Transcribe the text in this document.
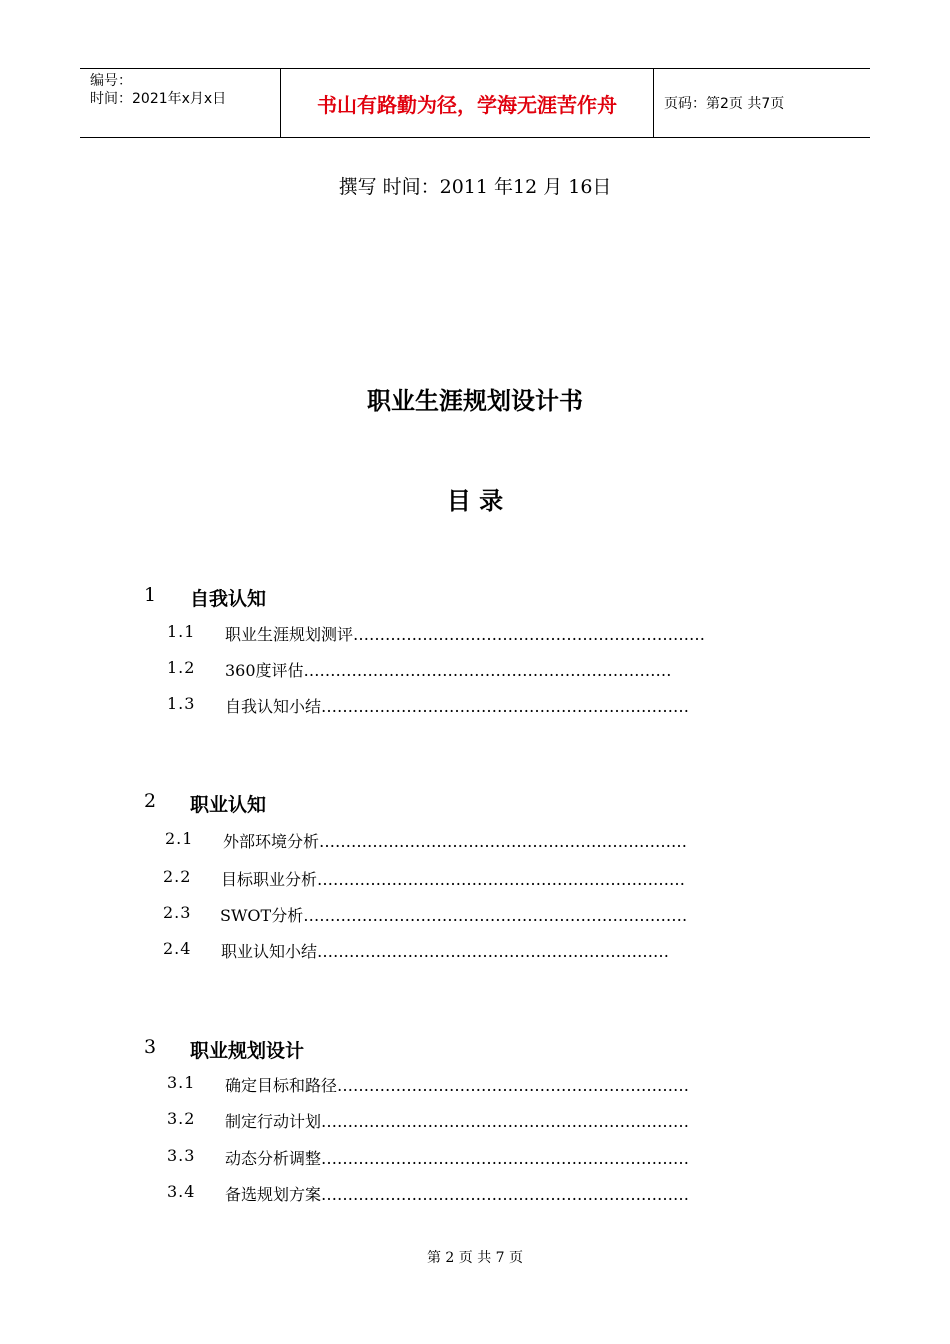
编号：
时间：2021年x月x日	书山有路勤为径，学海无涯苦作舟	页码：第2页 共7页
撰写 时间：2011 年12 月 16日
职业生涯规划设计书
目 录
1 自我认知
1.1 职业生涯规划测评…………………………………………………………
1.2 360度评估……………………………………………………………
1.3 自我认知小结……………………………………………………………
2 职业认知
2.1 外部环境分析……………………………………………………………
2.2 目标职业分析……………………………………………………………
2.3 SWOT分析………………………………………………………………
2.4 职业认知小结…………………………………………………………
3 职业规划设计
3.1 确定目标和路径…………………………………………………………
3.2 制定行动计划……………………………………………………………
3.3 动态分析调整……………………………………………………………
3.4 备选规划方案……………………………………………………………
第 2 页 共 7 页
